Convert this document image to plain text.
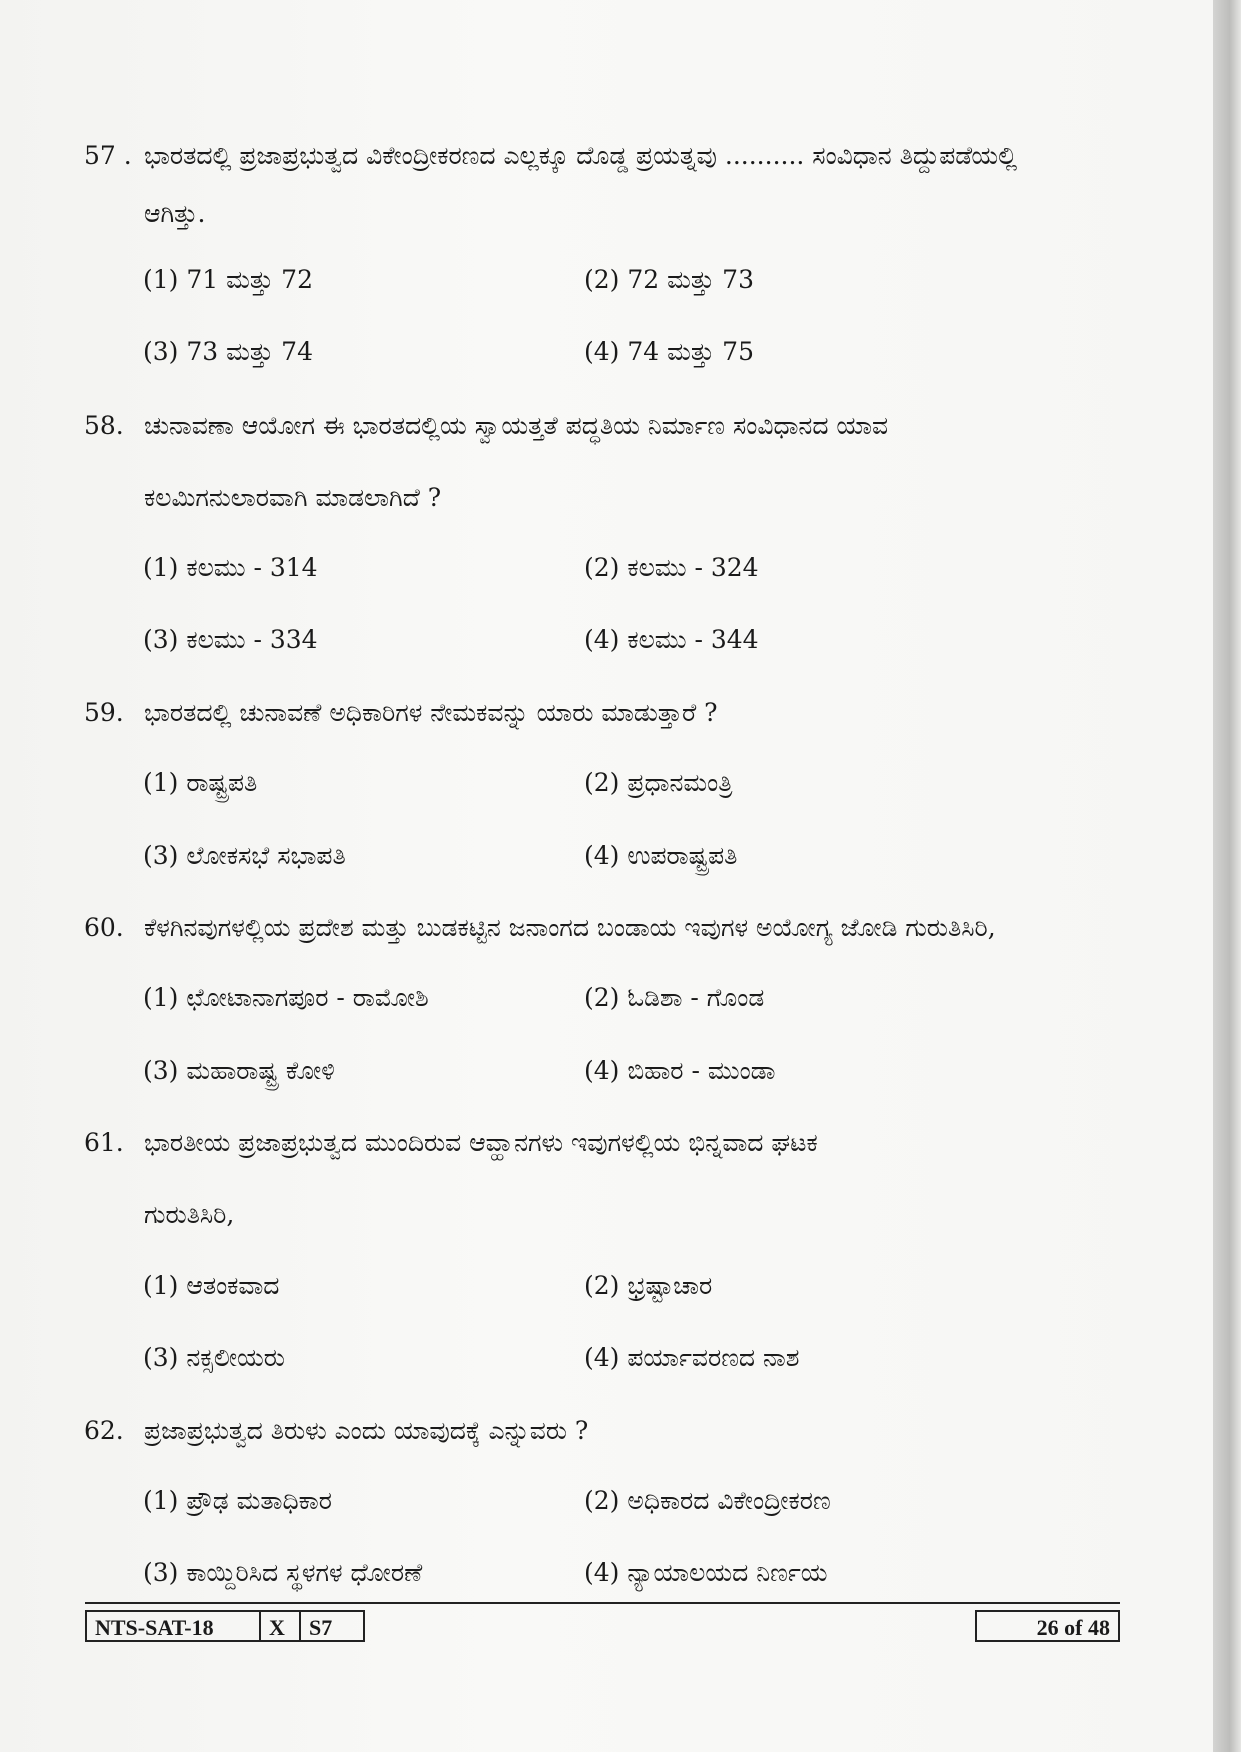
57 . ಭಾರತದಲ್ಲಿ ಪ್ರಜಾಪ್ರಭುತ್ವದ ವಿಕೇಂದ್ರೀಕರಣದ ಎಲ್ಲಕ್ಕೂ ದೊಡ್ಡ ಪ್ರಯತ್ನವು .......... ಸಂವಿಧಾನ ತಿದ್ದುಪಡೆಯಲ್ಲಿ
ಆಗಿತ್ತು.
(1) 71 ಮತ್ತು 72	(2) 72 ಮತ್ತು 73
(3) 73 ಮತ್ತು 74	(4) 74 ಮತ್ತು 75
58. ಚುನಾವಣಾ ಆಯೋಗ ಈ ಭಾರತದಲ್ಲಿಯ ಸ್ವಾಯತ್ತತೆ ಪದ್ಧತಿಯ ನಿರ್ಮಾಣ ಸಂವಿಧಾನದ ಯಾವ
ಕಲಮಿಗನುಲಾರವಾಗಿ ಮಾಡಲಾಗಿದೆ ?
(1) ಕಲಮು - 314	(2) ಕಲಮು - 324
(3) ಕಲಮು - 334	(4) ಕಲಮು - 344
59. ಭಾರತದಲ್ಲಿ ಚುನಾವಣೆ ಅಧಿಕಾರಿಗಳ ನೇಮಕವನ್ನು ಯಾರು ಮಾಡುತ್ತಾರೆ ?
(1) ರಾಷ್ಟ್ರಪತಿ	(2) ಪ್ರಧಾನಮಂತ್ರಿ
(3) ಲೋಕಸಭೆ ಸಭಾಪತಿ	(4) ಉಪರಾಷ್ಟ್ರಪತಿ
60. ಕೆಳಗಿನವುಗಳಲ್ಲಿಯ ಪ್ರದೇಶ ಮತ್ತು ಬುಡಕಟ್ಟಿನ ಜನಾಂಗದ ಬಂಡಾಯ ಇವುಗಳ ಅಯೋಗ್ಯ ಜೋಡಿ ಗುರುತಿಸಿರಿ,
(1) ಛೋಟಾನಾಗಪೂರ - ರಾಮೋಶಿ	(2) ಓಡಿಶಾ - ಗೊಂಡ
(3) ಮಹಾರಾಷ್ಟ್ರ ಕೋಳಿ	(4) ಬಿಹಾರ - ಮುಂಡಾ
61. ಭಾರತೀಯ ಪ್ರಜಾಪ್ರಭುತ್ವದ ಮುಂದಿರುವ ಆವ್ಹಾನಗಳು ಇವುಗಳಲ್ಲಿಯ ಭಿನ್ನವಾದ ಘಟಕ
ಗುರುತಿಸಿರಿ,
(1) ಆತಂಕವಾದ	(2) ಭ್ರಷ್ಟಾಚಾರ
(3) ನಕ್ಸಲೀಯರು	(4) ಪರ್ಯಾವರಣದ ನಾಶ
62. ಪ್ರಜಾಪ್ರಭುತ್ವದ ತಿರುಳು ಎಂದು ಯಾವುದಕ್ಕೆ ಎನ್ನುವರು ?
(1) ಪ್ರೌಢ ಮತಾಧಿಕಾರ	(2) ಅಧಿಕಾರದ ವಿಕೇಂದ್ರೀಕರಣ
(3) ಕಾಯ್ದಿರಿಸಿದ ಸ್ಥಳಗಳ ಧೋರಣೆ	(4) ನ್ಯಾಯಾಲಯದ ನಿರ್ಣಯ
NTS-SAT-18	X	S7	26 of 48
